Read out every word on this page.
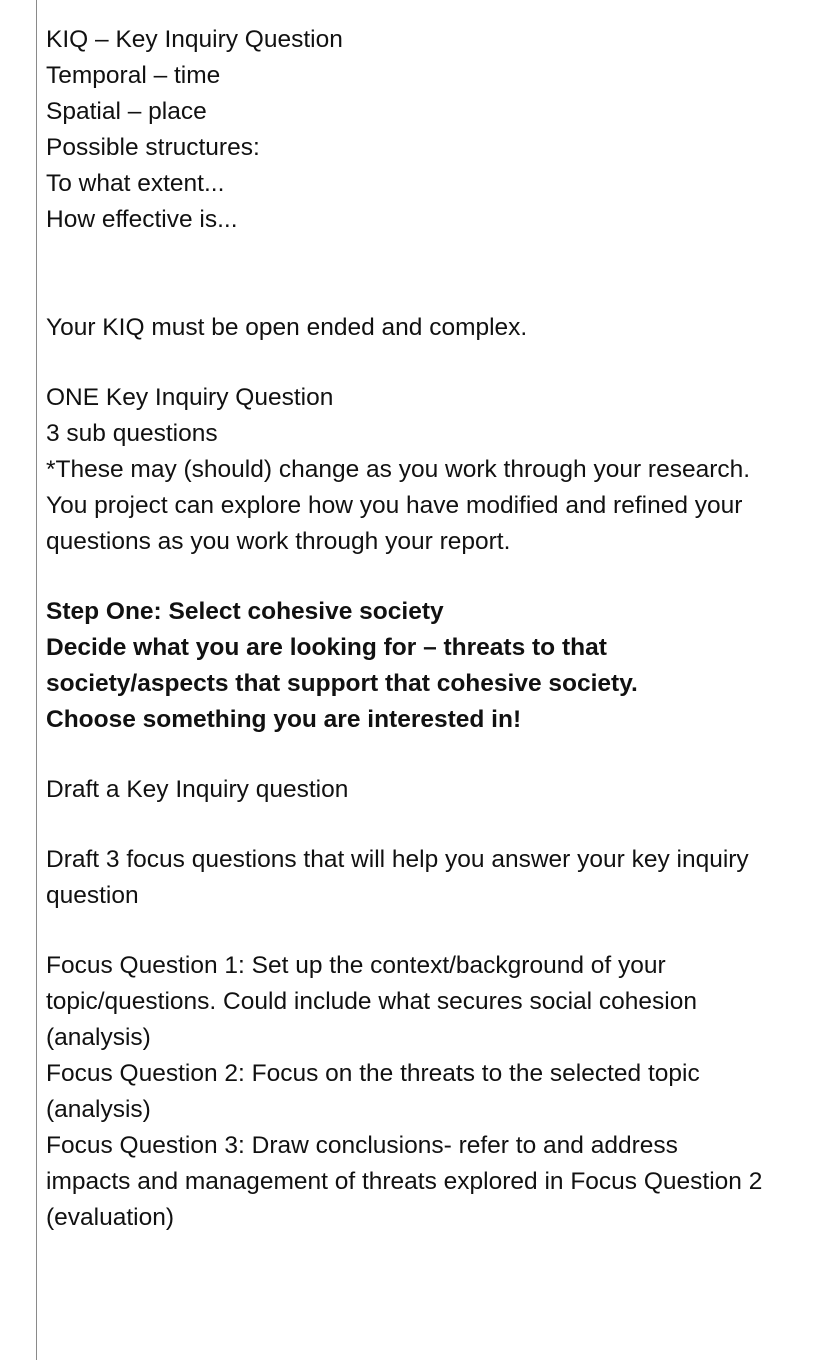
KIQ – Key Inquiry Question
Temporal – time
Spatial – place
Possible structures:
To what extent...
How effective is...
Your KIQ must be open ended and complex.
ONE Key Inquiry Question
3 sub questions
*These may (should) change as you work through your research.
You project can explore how you have modified and refined your
questions as you work through your report.
Step One: Select cohesive society
Decide what you are looking for – threats to that
society/aspects that support that cohesive society.
Choose something you are interested in!
Draft a Key Inquiry question
Draft 3 focus questions that will help you answer your key inquiry
question
Focus Question 1: Set up the context/background of your
topic/questions. Could include what secures social cohesion
(analysis)
Focus Question 2: Focus on the threats to the selected topic
(analysis)
Focus Question 3: Draw conclusions- refer to and address
impacts and management of threats explored in Focus Question 2
(evaluation)
